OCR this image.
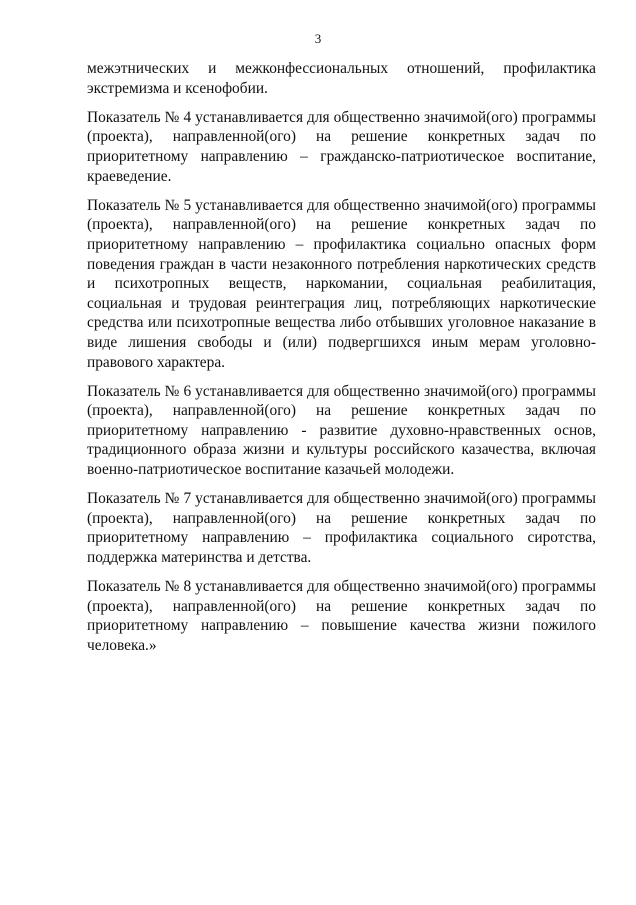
3

межэтнических и межконфессиональных отношений, профилактика экстремизма и ксенофобии.

Показатель № 4 устанавливается для общественно значимой(ого) программы (проекта), направленной(ого) на решение конкретных задач по приоритетному направлению – гражданско-патриотическое воспитание, краеведение.

Показатель № 5 устанавливается для общественно значимой(ого) программы (проекта), направленной(ого) на решение конкретных задач по приоритетному направлению – профилактика социально опасных форм поведения граждан в части незаконного потребления наркотических средств и психотропных веществ, наркомании, социальная реабилитация, социальная и трудовая реинтеграция лиц, потребляющих наркотические средства или психотропные вещества либо отбывших уголовное наказание в виде лишения свободы и (или) подвергшихся иным мерам уголовно-правового характера.

Показатель № 6 устанавливается для общественно значимой(ого) программы (проекта), направленной(ого) на решение конкретных задач по приоритетному направлению - развитие духовно-нравственных основ, традиционного образа жизни и культуры российского казачества, включая военно-патриотическое воспитание казачьей молодежи.

Показатель № 7 устанавливается для общественно значимой(ого) программы (проекта), направленной(ого) на решение конкретных задач по приоритетному направлению – профилактика социального сиротства, поддержка материнства и детства.

Показатель № 8 устанавливается для общественно значимой(ого) программы (проекта), направленной(ого) на решение конкретных задач по приоритетному направлению – повышение качества жизни пожилого человека.»
